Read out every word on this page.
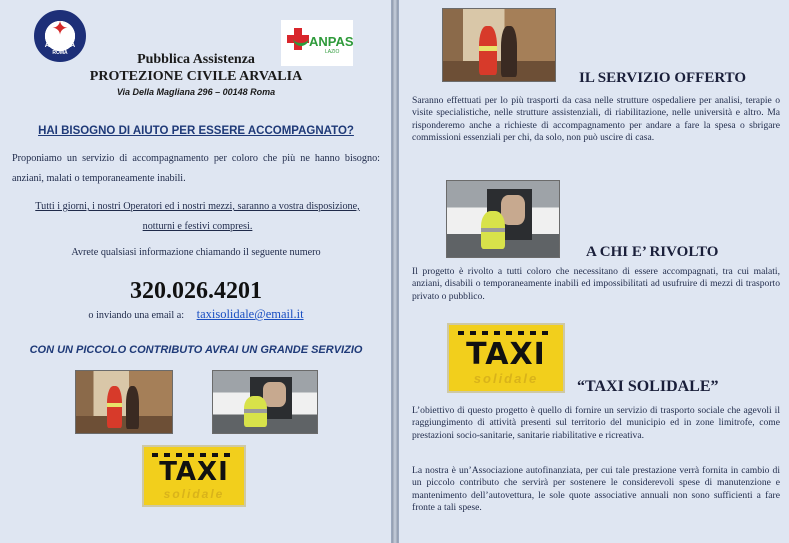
✦
ARVALIA
ROMA
ANPAS
LAZIO
Pubblica Assistenza
PROTEZIONE CIVILE ARVALIA
Via Della Magliana 296 – 00148 Roma
HAI BISOGNO DI AIUTO PER ESSERE ACCOMPAGNATO?
Proponiamo un servizio di accompagnamento per coloro che più ne hanno bisogno: anziani, malati o temporaneamente inabili.
Tutti i giorni, i nostri Operatori ed i nostri mezzi, saranno a vostra disposizione, notturni e festivi compresi.
Avrete qualsiasi informazione chiamando il seguente numero
320.026.4201
o inviando una email a: taxisolidale@email.it
CON UN PICCOLO CONTRIBUTO AVRAI UN GRANDE SERVIZIO
TAXI
solidale
IL SERVIZIO OFFERTO
Saranno effettuati per lo più trasporti da casa nelle strutture ospedaliere per analisi, terapie o visite specialistiche, nelle strutture assistenziali, di riabilitazione, nelle università e altro. Ma risponderemo anche a richieste di accompagnamento per andare a fare la spesa o sbrigare commissioni essenziali per chi, da solo, non può uscire di casa.
A CHI E’ RIVOLTO
Il progetto è rivolto a tutti coloro che necessitano di essere accompagnati, tra cui malati, anziani, disabili o temporaneamente inabili ed impossibilitati ad usufruire di mezzi di trasporto privato o pubblico.
TAXI
solidale	“TAXI SOLIDALE”
L’obiettivo di questo progetto è quello di fornire un servizio di trasporto sociale che agevoli il raggiungimento di attività presenti sul territorio del municipio ed in zone limitrofe, come prestazioni socio-sanitarie, sanitarie riabilitative e ricreativa.
La nostra è un’Associazione autofinanziata, per cui tale prestazione verrà fornita in cambio di un piccolo contributo che servirà per sostenere le considerevoli spese di manutenzione e mantenimento dell’autovettura, le sole quote associative annuali non sono sufficienti a fare fronte a tali spese.
